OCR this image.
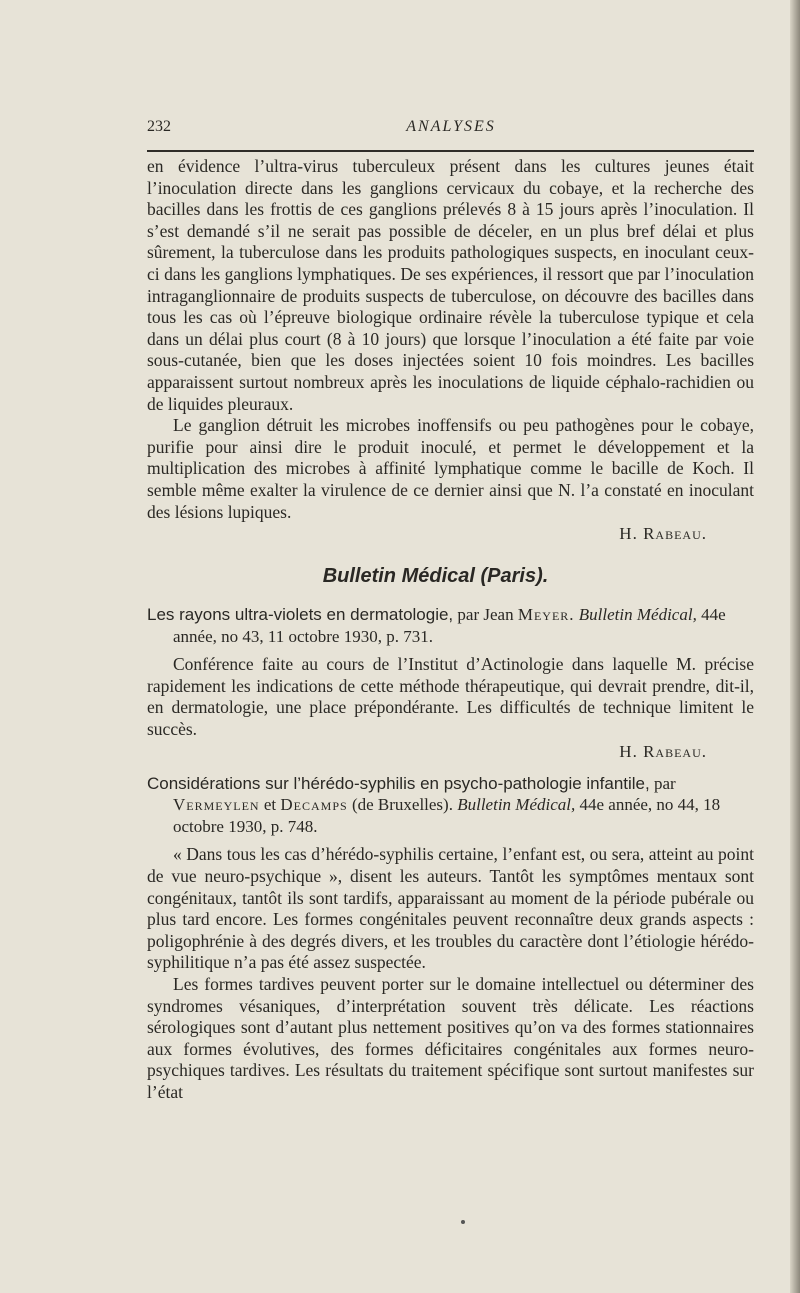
232	ANALYSES

en évidence l’ultra-virus tuberculeux présent dans les cultures jeunes était l’inoculation directe dans les ganglions cervicaux du cobaye, et la recherche des bacilles dans les frottis de ces ganglions prélevés 8 à 15 jours après l’inoculation. Il s’est demandé s’il ne serait pas possible de déceler, en un plus bref délai et plus sûrement, la tuberculose dans les produits pathologiques suspects, en inoculant ceux-ci dans les ganglions lymphatiques. De ses expériences, il ressort que par l’inoculation intraganglionnaire de produits suspects de tuberculose, on découvre des bacilles dans tous les cas où l’épreuve biologique ordinaire révèle la tuberculose typique et cela dans un délai plus court (8 à 10 jours) que lorsque l’inoculation a été faite par voie sous-cutanée, bien que les doses injectées soient 10 fois moindres. Les bacilles apparaissent surtout nombreux après les inoculations de liquide céphalo-rachidien ou de liquides pleuraux.

Le ganglion détruit les microbes inoffensifs ou peu pathogènes pour le cobaye, purifie pour ainsi dire le produit inoculé, et permet le développement et la multiplication des microbes à affinité lymphatique comme le bacille de Koch. Il semble même exalter la virulence de ce dernier ainsi que N. l’a constaté en inoculant des lésions lupiques.

H. Rabeau.

Bulletin Médical (Paris).

Les rayons ultra-violets en dermatologie, par Jean Meyer. Bulletin Médical, 44e année, no 43, 11 octobre 1930, p. 731.

Conférence faite au cours de l’Institut d’Actinologie dans laquelle M. précise rapidement les indications de cette méthode thérapeutique, qui devrait prendre, dit-il, en dermatologie, une place prépondérante. Les difficultés de technique limitent le succès.

H. Rabeau.

Considérations sur l’hérédo-syphilis en psycho-pathologie infantile, par Vermeylen et Decamps (de Bruxelles). Bulletin Médical, 44e année, no 44, 18 octobre 1930, p. 748.

« Dans tous les cas d’hérédo-syphilis certaine, l’enfant est, ou sera, atteint au point de vue neuro-psychique », disent les auteurs. Tantôt les symptômes mentaux sont congénitaux, tantôt ils sont tardifs, apparaissant au moment de la période pubérale ou plus tard encore. Les formes congénitales peuvent reconnaître deux grands aspects : poligophrénie à des degrés divers, et les troubles du caractère dont l’étiologie hérédo-syphilitique n’a pas été assez suspectée.

Les formes tardives peuvent porter sur le domaine intellectuel ou déterminer des syndromes vésaniques, d’interprétation souvent très délicate. Les réactions sérologiques sont d’autant plus nettement positives qu’on va des formes stationnaires aux formes évolutives, des formes déficitaires congénitales aux formes neuro-psychiques tardives. Les résultats du traitement spécifique sont surtout manifestes sur l’état
